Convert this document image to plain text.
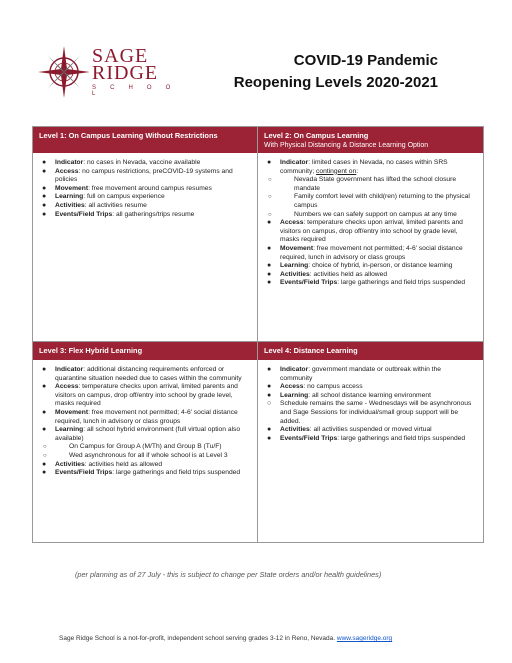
SAGE
RIDGE
S C H O O L
COVID-19 Pandemic
Reopening Levels 2020-2021
Level 1: On Campus Learning Without Restrictions
● Indicator: no cases in Nevada, vaccine available
● Access: no campus restrictions, preCOVID-19 systems and policies
● Movement: free movement around campus resumes
● Learning: full on campus experience
● Activities: all activities resume
● Events/Field Trips: all gatherings/trips resume
Level 2: On Campus Learning
With Physical Distancing & Distance Learning Option
● Indicator: limited cases in Nevada, no cases within SRS community; contingent on:
○	Nevada State government has lifted the school closure mandate
○	Family comfort level with child(ren) returning to the physical campus
○	Numbers we can safely support on campus at any time
● Access: temperature checks upon arrival, limited parents and visitors on campus, drop off/entry into school by grade level, masks required
● Movement: free movement not permitted; 4-6' social distance required, lunch in advisory or class groups
● Learning: choice of hybrid, in-person, or distance learning
● Activities: activities held as allowed
● Events/Field Trips: large gatherings and field trips suspended
Level 3: Flex Hybrid Learning
● Indicator: additional distancing requirements enforced or quarantine situation needed due to cases within the community
● Access: temperature checks upon arrival, limited parents and visitors on campus, drop off/entry into school by grade level, masks required
● Movement: free movement not permitted; 4-6' social distance required, lunch in advisory or class groups
● Learning: all school hybrid environment (full virtual option also available)
○	On Campus for Group A (M/Th) and Group B (Tu/F)
○	Wed asynchronous for all if whole school is at Level 3
● Activities: activities held as allowed
● Events/Field Trips: large gatherings and field trips suspended
Level 4: Distance Learning
● Indicator: government mandate or outbreak within the community
● Access: no campus access
● Learning: all school distance learning environment
○ Schedule remains the same - Wednesdays will be asynchronous and Sage Sessions for individual/small group support will be added.
● Activities: all activities suspended or moved virtual
● Events/Field Trips: large gatherings and field trips suspended
(per planning as of 27 July - this is subject to change per State orders and/or health guidelines)
Sage Ridge School is a not-for-profit, independent school serving grades 3-12 in Reno, Nevada. www.sageridge.org
